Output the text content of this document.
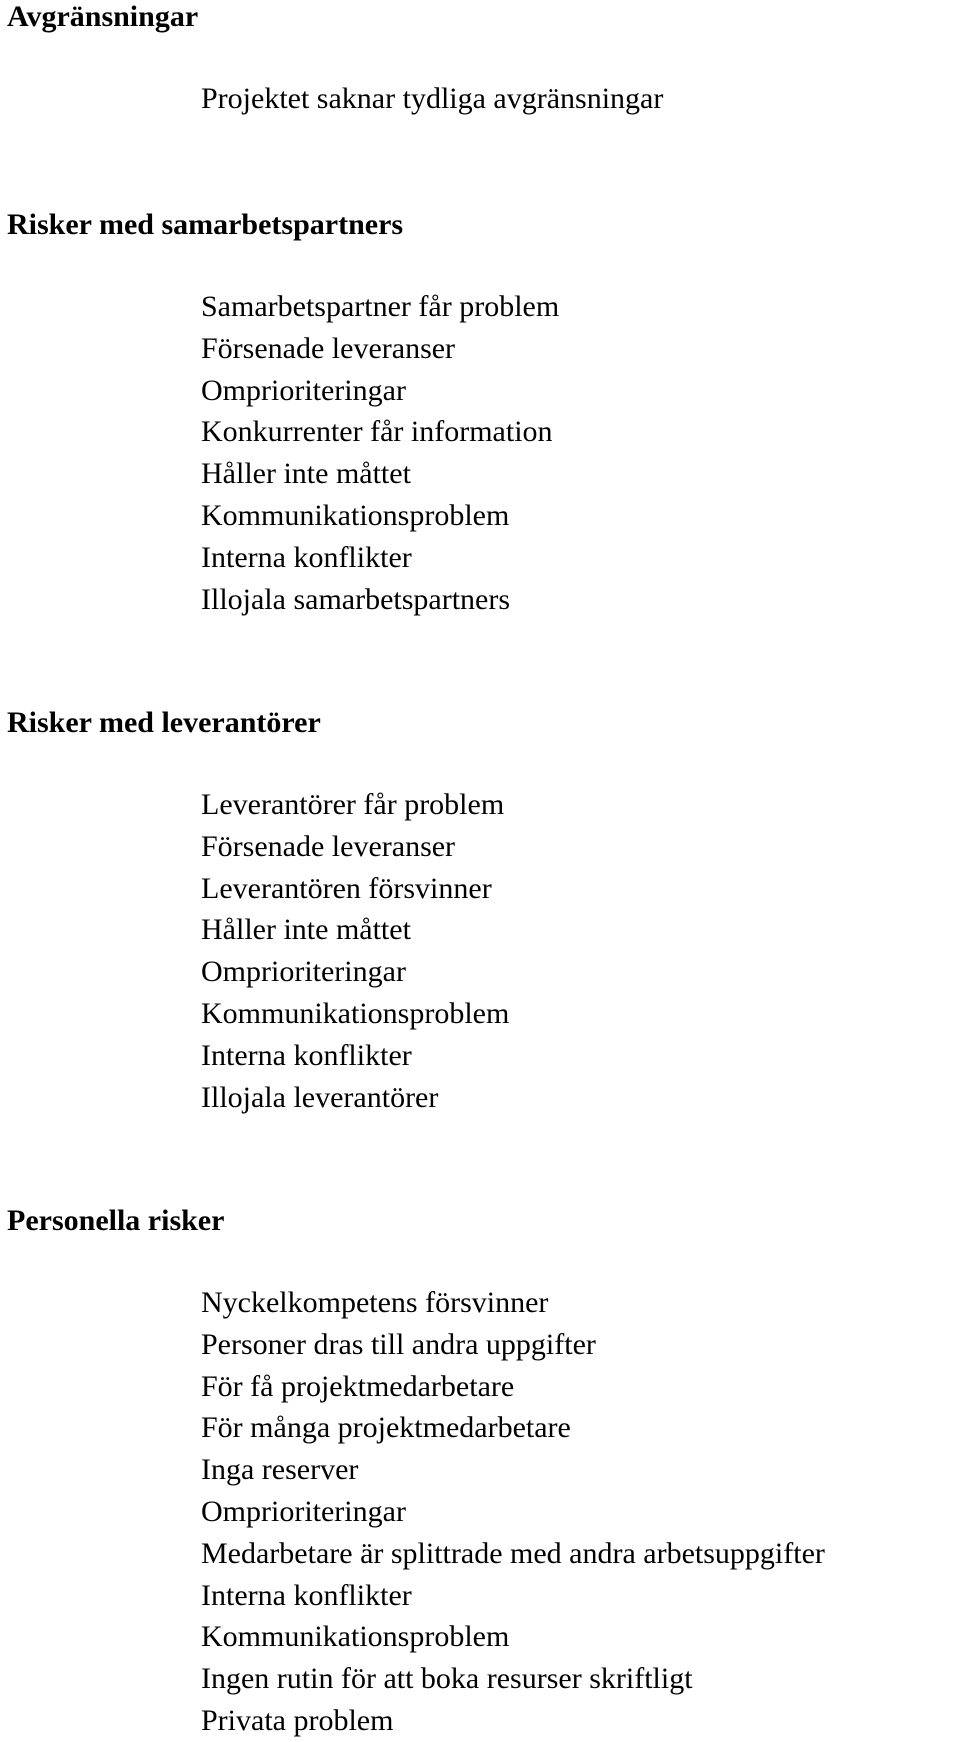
Avgränsningar
Projektet saknar tydliga avgränsningar
Risker med samarbetspartners
Samarbetspartner får problem
Försenade leveranser
Omprioriteringar
Konkurrenter får information
Håller inte måttet
Kommunikationsproblem
Interna konflikter
Illojala samarbetspartners
Risker med leverantörer
Leverantörer får problem
Försenade leveranser
Leverantören försvinner
Håller inte måttet
Omprioriteringar
Kommunikationsproblem
Interna konflikter
Illojala leverantörer
Personella risker
Nyckelkompetens försvinner
Personer dras till andra uppgifter
För få projektmedarbetare
För många projektmedarbetare
Inga reserver
Omprioriteringar
Medarbetare är splittrade med andra arbetsuppgifter
Interna konflikter
Kommunikationsproblem
Ingen rutin för att boka resurser skriftligt
Privata problem
